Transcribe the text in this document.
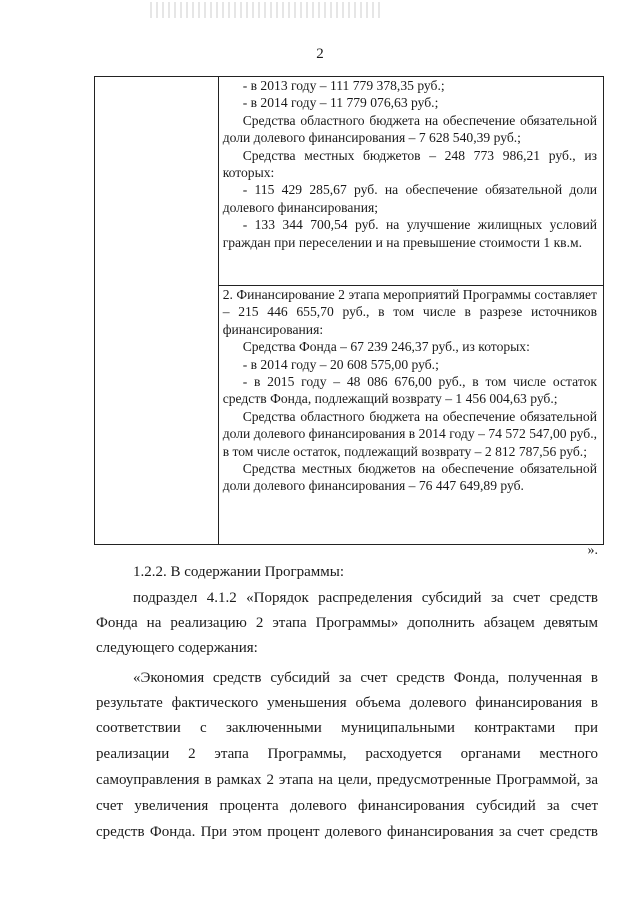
2

- в 2013 году – 111 779 378,35 руб.;

- в 2014 году – 11 779 076,63 руб.;

Средства областного бюджета на обеспечение обязательной доли долевого финансирования – 7 628 540,39 руб.;

Средства местных бюджетов – 248 773 986,21 руб., из которых:

- 115 429 285,67 руб. на обеспечение обязательной доли долевого финансирования;

- 133 344 700,54 руб. на улучшение жилищных условий граждан при переселении и на превышение стоимости 1 кв.м.

2. Финансирование 2 этапа мероприятий Программы составляет – 215 446 655,70 руб., в том числе в разрезе источников финансирования:

Средства Фонда – 67 239 246,37 руб., из которых:

- в 2014 году – 20 608 575,00 руб.;

- в 2015 году – 48 086 676,00 руб., в том числе остаток средств Фонда, подлежащий возврату – 1 456 004,63 руб.;

Средства областного бюджета на обеспечение обязательной доли долевого финансирования в 2014 году – 74 572 547,00 руб., в том числе остаток, подлежащий возврату – 2 812 787,56 руб.;

Средства местных бюджетов на обеспечение обязательной доли долевого финансирования – 76 447 649,89 руб.

».

1.2.2. В содержании Программы:

подраздел 4.1.2 «Порядок распределения субсидий за счет средств

Фонда на реализацию 2 этапа Программы» дополнить абзацем девятым

следующего содержания:

«Экономия средств субсидий за счет средств Фонда, полученная в

результате фактического уменьшения объема долевого финансирования в

соответствии с заключенными муниципальными контрактами при

реализации 2 этапа Программы, расходуется органами местного

самоуправления в рамках 2 этапа на цели, предусмотренные Программой, за

счет увеличения процента долевого финансирования субсидий за счет

средств Фонда. При этом процент долевого финансирования за счет средств
